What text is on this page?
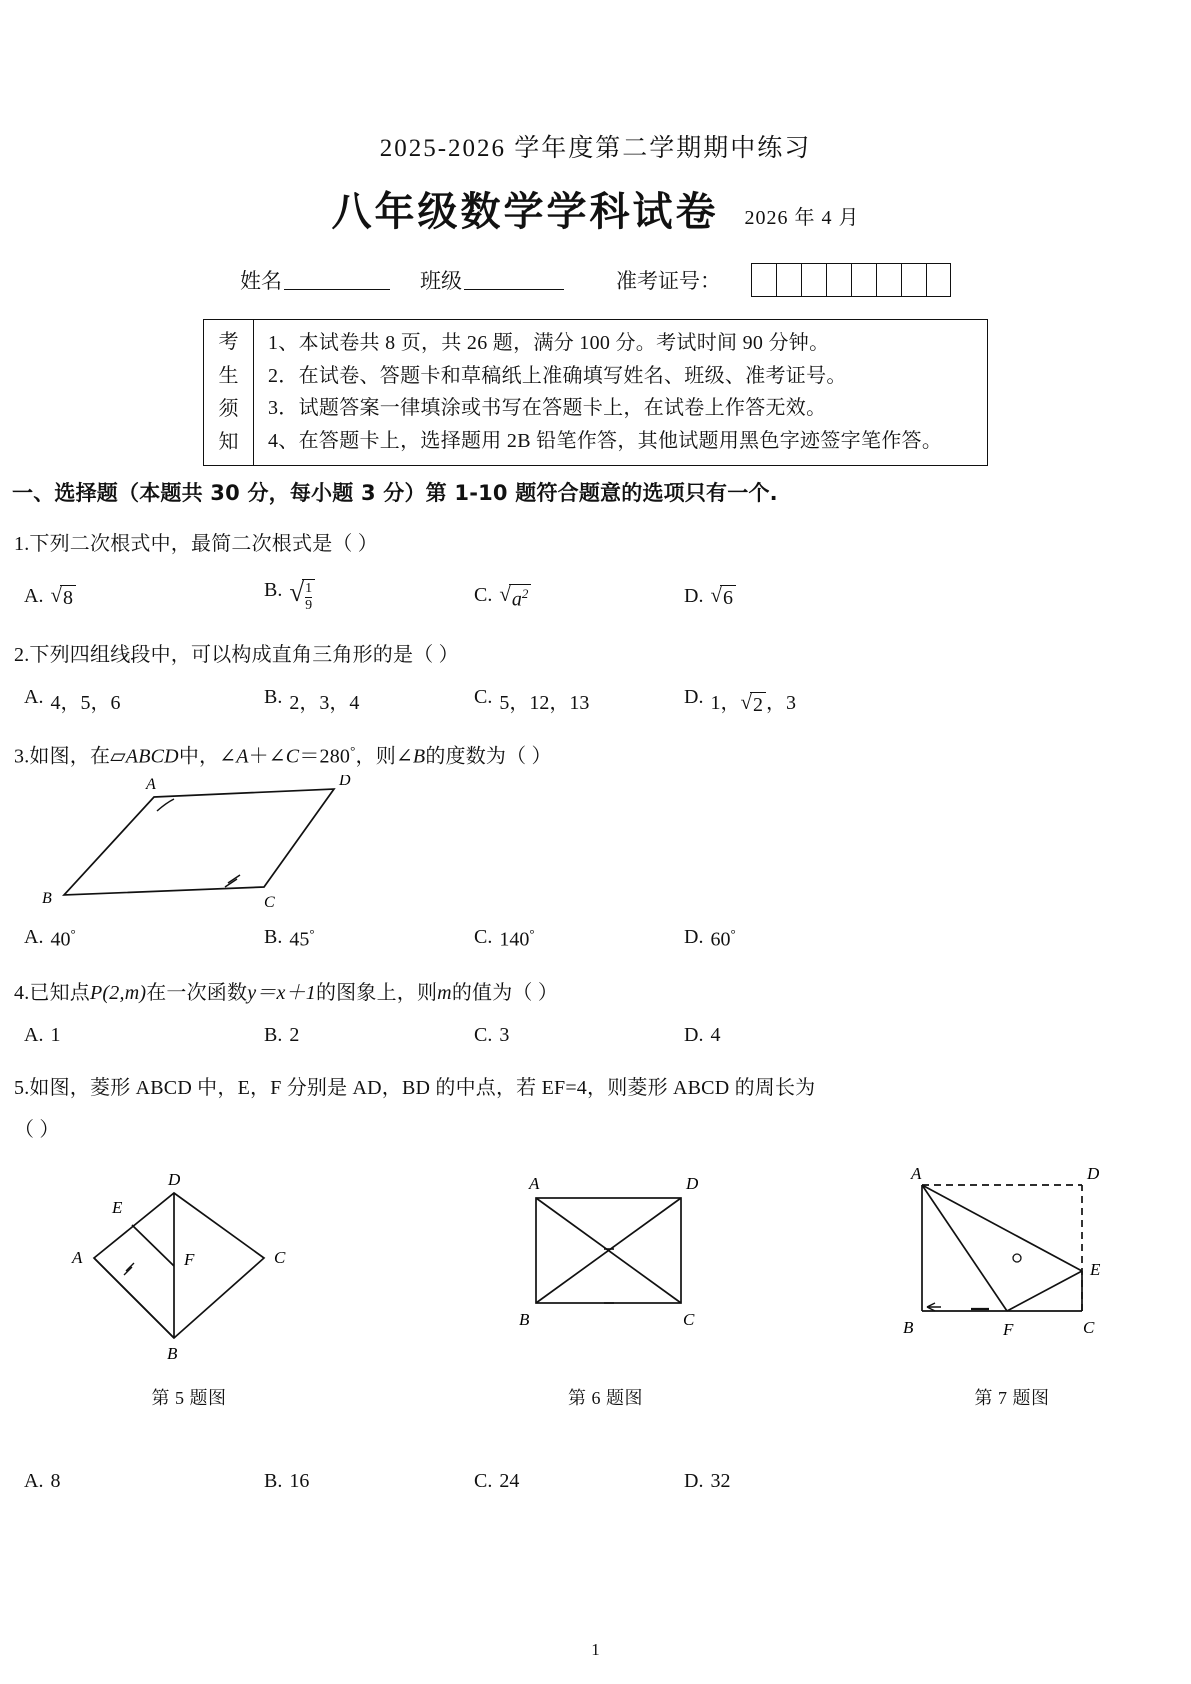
2025-2026 学年度第二学期期中练习
八年级数学学科试卷 2026 年 4 月
姓名	班级	准考证号：
考
生
须
知
1、本试卷共 8 页，共 26 题，满分 100 分。考试时间 90 分钟。
2．在试卷、答题卡和草稿纸上准确填写姓名、班级、准考证号。
3．试题答案一律填涂或书写在答题卡上，在试卷上作答无效。
4、在答题卡上，选择题用 2B 铅笔作答，其他试题用黑色字迹签字笔作答。
一、选择题（本题共 30 分，每小题 3 分）第 1-10 题符合题意的选项只有一个.
1.下列二次根式中，最简二次根式是（ ）
A. √ 8	B. √ $\frac{1}{9}$	C. √ $a^2$	D. √ 6
2.下列四组线段中，可以构成直角三角形的是（ ）
A. 4，5，6	B. 2，3，4	C. 5，12，13	D. 1， √ 2 ，3
3.如图，在▱ABCD中，∠A＋∠C＝280°，则∠B的度数为（ ）
A	D
B	C
A. 40°	B. 45°	C. 140°	D. 60°
4.已知点P(2,m)在一次函数y＝x＋1的图象上，则m的值为（ ）
A. 1	B. 2	C. 3	D. 4
5.如图，菱形 ABCD 中，E，F 分别是 AD，BD 的中点，若 EF=4，则菱形 ABCD 的周长为
（ ）
A
B
C
D
E
F
第 5 题图
A
B	C
D
第 6 题图
A
B	C
D
E
F
第 7 题图
A. 8	B. 16	C. 24	D. 32
1
